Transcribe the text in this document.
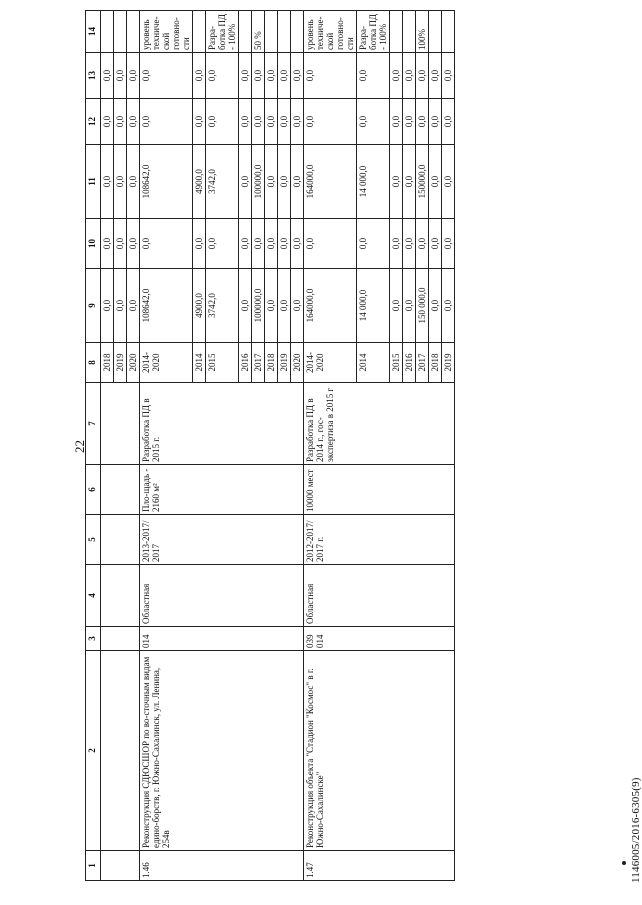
22
1	2	3	4	5	6	7	8	9	10	11	12	13	14
							2018	0,0	0,0	0,0	0,0	0,0	
							2019	0,0	0,0	0,0	0,0	0,0	
							2020	0,0	0,0	0,0	0,0	0,0	
1.46	Реконструкция СДЮСШОР по во-сточным видам едино-борств, г. Южно-Сахалинск, ул. Ленина, 254в	014	Областная	2013-2017/ 2017	Пло-щадь - 2160 м²	Разработка ПД в 2015 г.	2014-2020	108642,0	0,0	108642,0	0,0	0,0	уровень техниче-ской готовно-сти
							2014	4900,0	0,0	4900,0	0,0	0,0	
							2015	3742,0	0,0	3742,0	0,0	0,0	Разра-ботка ПД - 100%
							2016	0,0	0,0	0,0	0,0	0,0	
							2017	100000,0	0,0	100000,0	0,0	0,0	50 %
							2018	0,0	0,0	0,0	0,0	0,0	
							2019	0,0	0,0	0,0	0,0	0,0	
							2020	0,0	0,0	0,0	0,0	0,0	
1.47	Реконструкция объекта "Стадион "Космос" в г. Южно-Сахалинске"	039 014	Областная	2012-2017/ 2017 г.	10000 мест	Разработка ПД в 2014 г., гос-экспертиза в 2015 г	2014-2020	164000,0	0,0	164000,0	0,0	0,0	уровень техниче-ской готовно-сти
							2014	14 000,0	0,0	14 000,0	0,0	0,0	Разра-ботка ПД - 100%
							2015	0,0	0,0	0,0	0,0	0,0	
							2016	0,0	0,0	0,0	0,0	0,0	
							2017	150 000,0	0,0	150000,0	0,0	0,0	100%
							2018	0,0	0,0	0,0	0,0	0,0	
							2019	0,0	0,0	0,0	0,0	0,0	
1146005/2016-6305(9)
